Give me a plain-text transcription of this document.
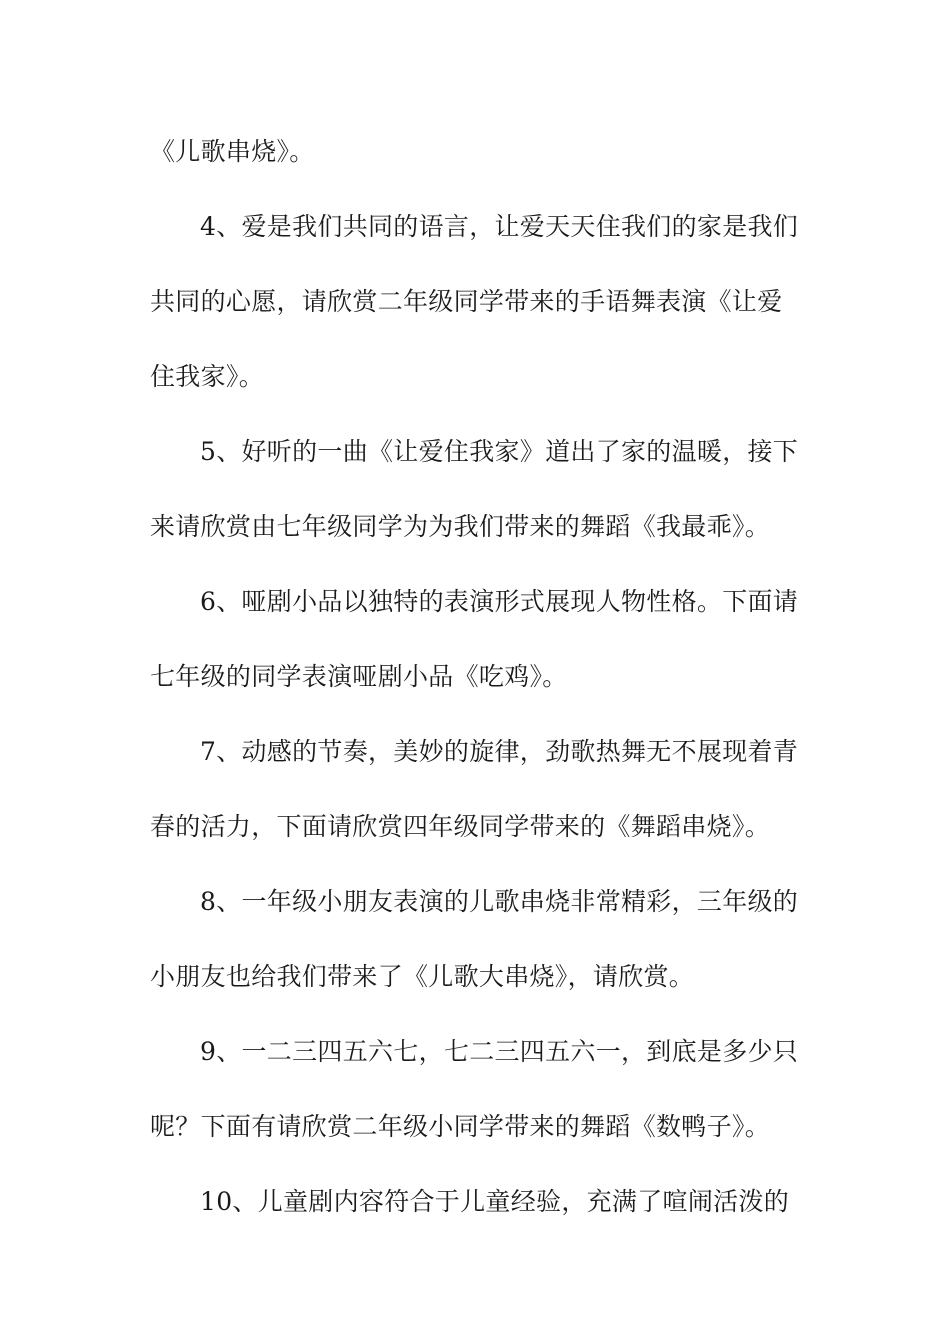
《儿歌串烧》。
4、爱是我们共同的语言，让爱天天住我们的家是我们
共同的心愿，请欣赏二年级同学带来的手语舞表演《让爱
住我家》。
5、好听的一曲《让爱住我家》道出了家的温暖，接下
来请欣赏由七年级同学为为我们带来的舞蹈《我最乖》。
6、哑剧小品以独特的表演形式展现人物性格。下面请
七年级的同学表演哑剧小品《吃鸡》。
7、动感的节奏，美妙的旋律，劲歌热舞无不展现着青
春的活力，下面请欣赏四年级同学带来的《舞蹈串烧》。
8、一年级小朋友表演的儿歌串烧非常精彩，三年级的
小朋友也给我们带来了《儿歌大串烧》，请欣赏。
9、一二三四五六七，七二三四五六一，到底是多少只
呢？下面有请欣赏二年级小同学带来的舞蹈《数鸭子》。
10、儿童剧内容符合于儿童经验，充满了喧闹活泼的
